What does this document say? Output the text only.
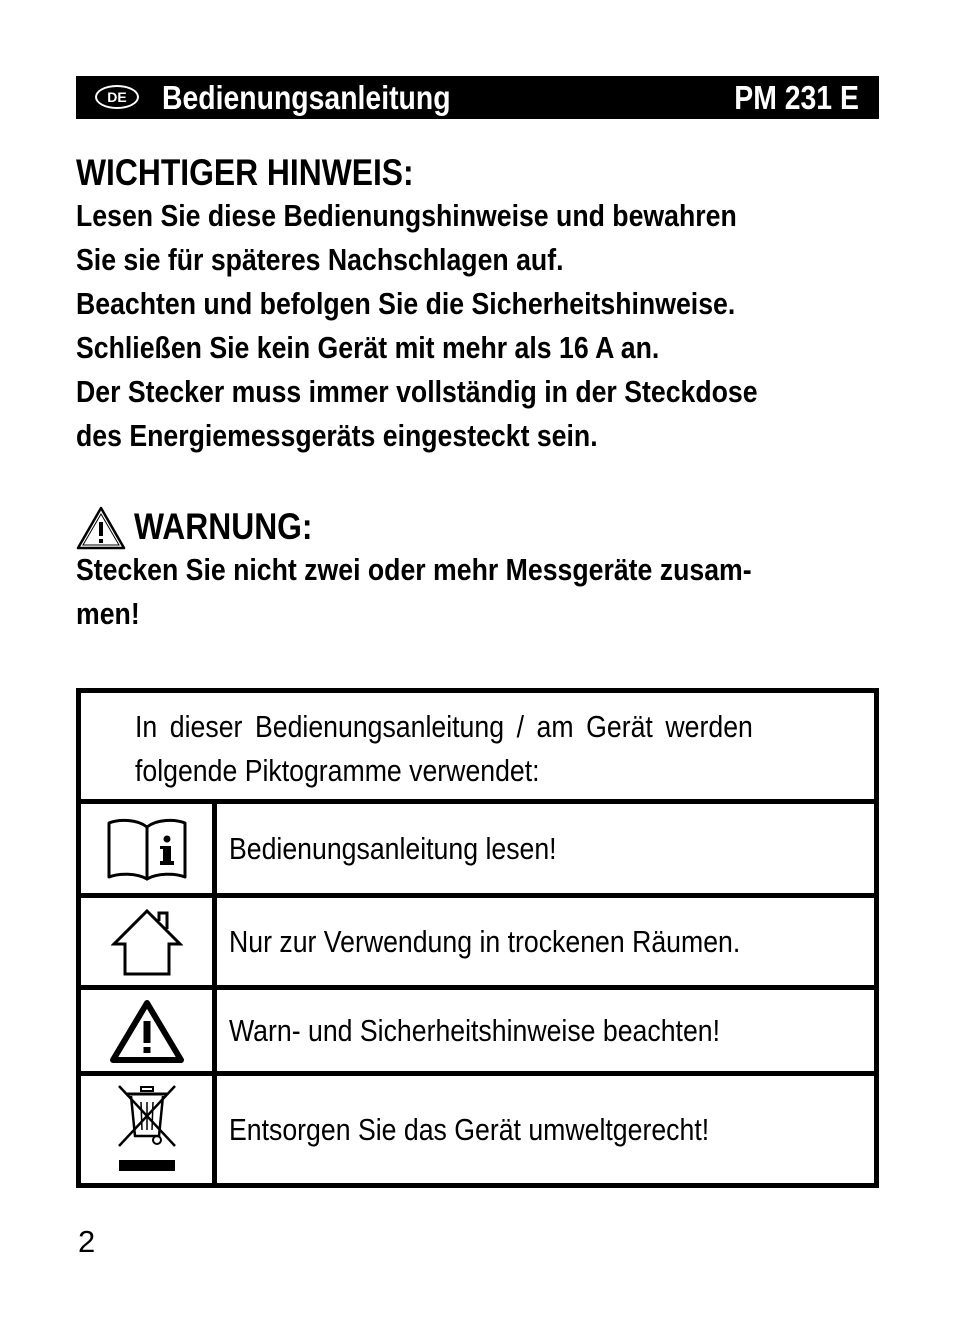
DE	Bedienungsanleitung	PM 231 E
WICHTIGER HINWEIS:
Lesen Sie diese Bedienungshinweise und bewahren
Sie sie für späteres Nachschlagen auf.
Beachten und befolgen Sie die Sicherheitshinweise.
Schließen Sie kein Gerät mit mehr als 16 A an.
Der Stecker muss immer vollständig in der Steckdose
des Energiemessgeräts eingesteckt sein.
WARNUNG:
Stecken Sie nicht zwei oder mehr Messgeräte zusam-
men!
In dieser Bedienungsanleitung / am Gerät werden
folgende Piktogramme verwendet:
Bedienungsanleitung lesen!
Nur zur Verwendung in trockenen Räumen.
Warn- und Sicherheitshinweise beachten!
Entsorgen Sie das Gerät umweltgerecht!
2
